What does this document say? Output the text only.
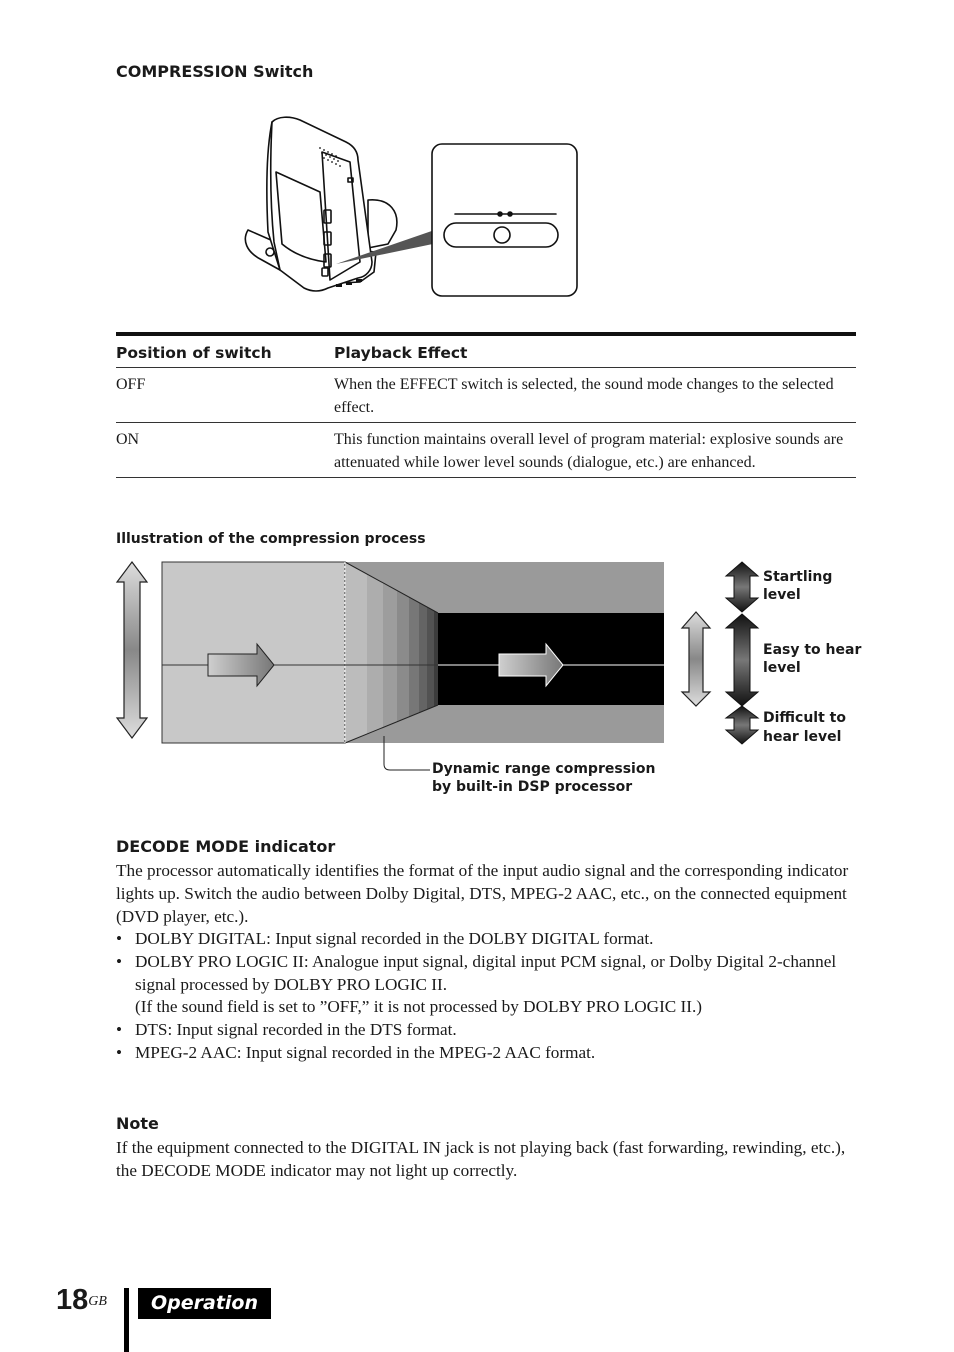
COMPRESSION Switch
Position of switch	Playback Effect
OFF	When the EFFECT switch is selected, the sound mode changes to the selected effect.
ON	This function maintains overall level of program material: explosive sounds are attenuated while lower level sounds (dialogue, etc.) are enhanced.
Illustration of the compression process
Startling
level
Easy to hear
level
Difficult to
hear level
Dynamic range compression
by built-in DSP processor
DECODE MODE indicator

The processor automatically identifies the format of the input audio signal and the corresponding indicator lights up. Switch the audio between Dolby Digital, DTS, MPEG-2 AAC, etc., on the connected equipment (DVD player, etc.).

• DOLBY DIGITAL: Input signal recorded in the DOLBY DIGITAL format.
• DOLBY PRO LOGIC II: Analogue input signal, digital input PCM signal, or Dolby Digital 2-channel signal processed by DOLBY PRO LOGIC II.
(If the sound field is set to ”OFF,” it is not processed by DOLBY PRO LOGIC II.)
• DTS: Input signal recorded in the DTS format.
• MPEG-2 AAC: Input signal recorded in the MPEG-2 AAC format.
Note

If the equipment connected to the DIGITAL IN jack is not playing back (fast forwarding, rewinding, etc.), the DECODE MODE indicator may not light up correctly.

$18^{GB}$	Operation
